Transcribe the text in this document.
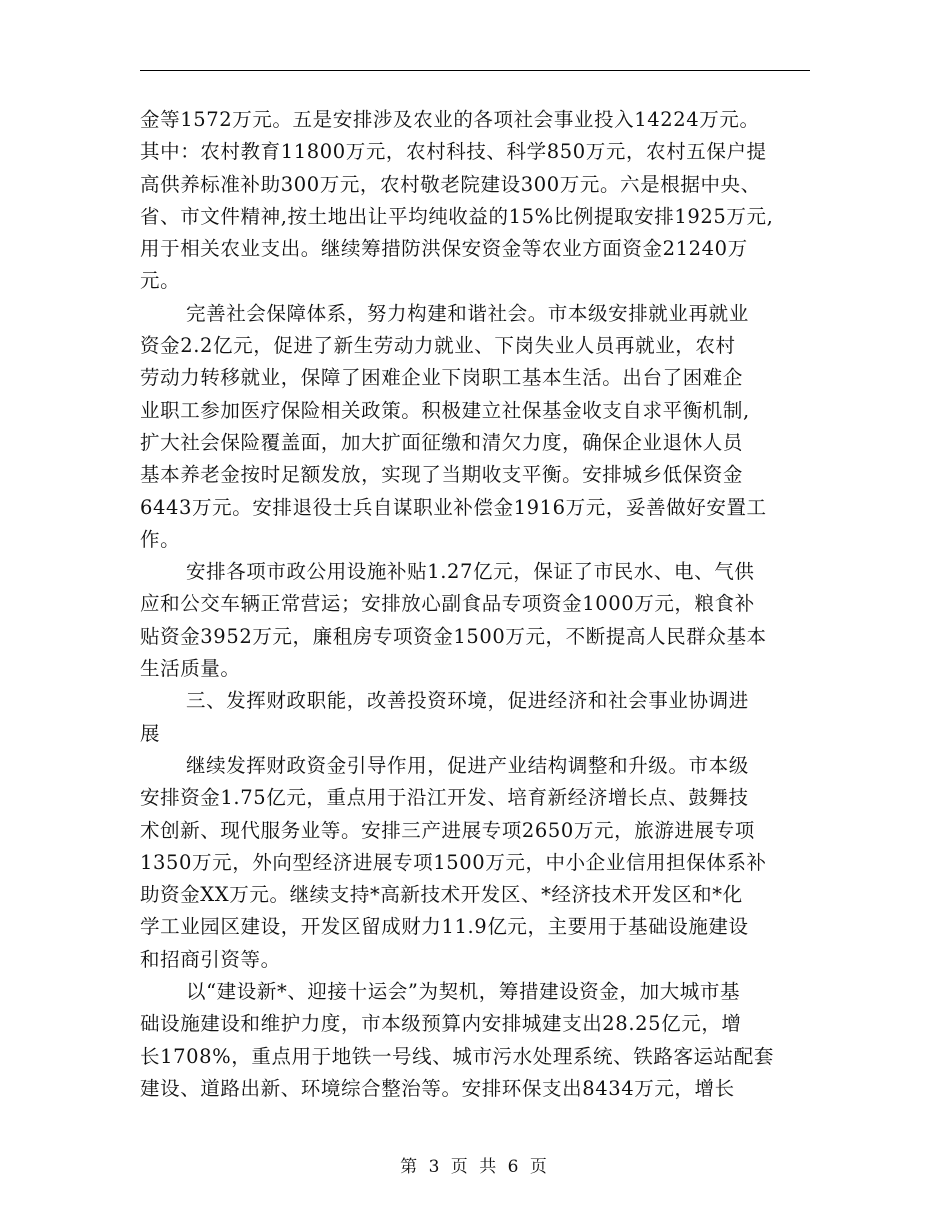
金等1572万元。五是安排涉及农业的各项社会事业投入14224万元。

其中：农村教育11800万元，农村科技、科学850万元，农村五保户提

高供养标准补助300万元，农村敬老院建设300万元。六是根据中央、

省、市文件精神,按土地出让平均纯收益的15%比例提取安排1925万元,

用于相关农业支出。继续筹措防洪保安资金等农业方面资金21240万

元。

完善社会保障体系，努力构建和谐社会。市本级安排就业再就业

资金2.2亿元，促进了新生劳动力就业、下岗失业人员再就业，农村

劳动力转移就业，保障了困难企业下岗职工基本生活。出台了困难企

业职工参加医疗保险相关政策。积极建立社保基金收支自求平衡机制,

扩大社会保险覆盖面，加大扩面征缴和清欠力度，确保企业退休人员

基本养老金按时足额发放，实现了当期收支平衡。安排城乡低保资金

6443万元。安排退役士兵自谋职业补偿金1916万元，妥善做好安置工

作。

安排各项市政公用设施补贴1.27亿元，保证了市民水、电、气供

应和公交车辆正常营运；安排放心副食品专项资金1000万元，粮食补

贴资金3952万元，廉租房专项资金1500万元，不断提高人民群众基本

生活质量。

三、发挥财政职能，改善投资环境，促进经济和社会事业协调进

展

继续发挥财政资金引导作用，促进产业结构调整和升级。市本级

安排资金1.75亿元，重点用于沿江开发、培育新经济增长点、鼓舞技

术创新、现代服务业等。安排三产进展专项2650万元，旅游进展专项

1350万元，外向型经济进展专项1500万元，中小企业信用担保体系补

助资金XX万元。继续支持*高新技术开发区、*经济技术开发区和*化

学工业园区建设，开发区留成财力11.9亿元，主要用于基础设施建设

和招商引资等。

以“建设新*、迎接十运会”为契机，筹措建设资金，加大城市基

础设施建设和维护力度，市本级预算内安排城建支出28.25亿元，增

长1708%，重点用于地铁一号线、城市污水处理系统、铁路客运站配套

建设、道路出新、环境综合整治等。安排环保支出8434万元，增长

第 3 页 共 6 页
